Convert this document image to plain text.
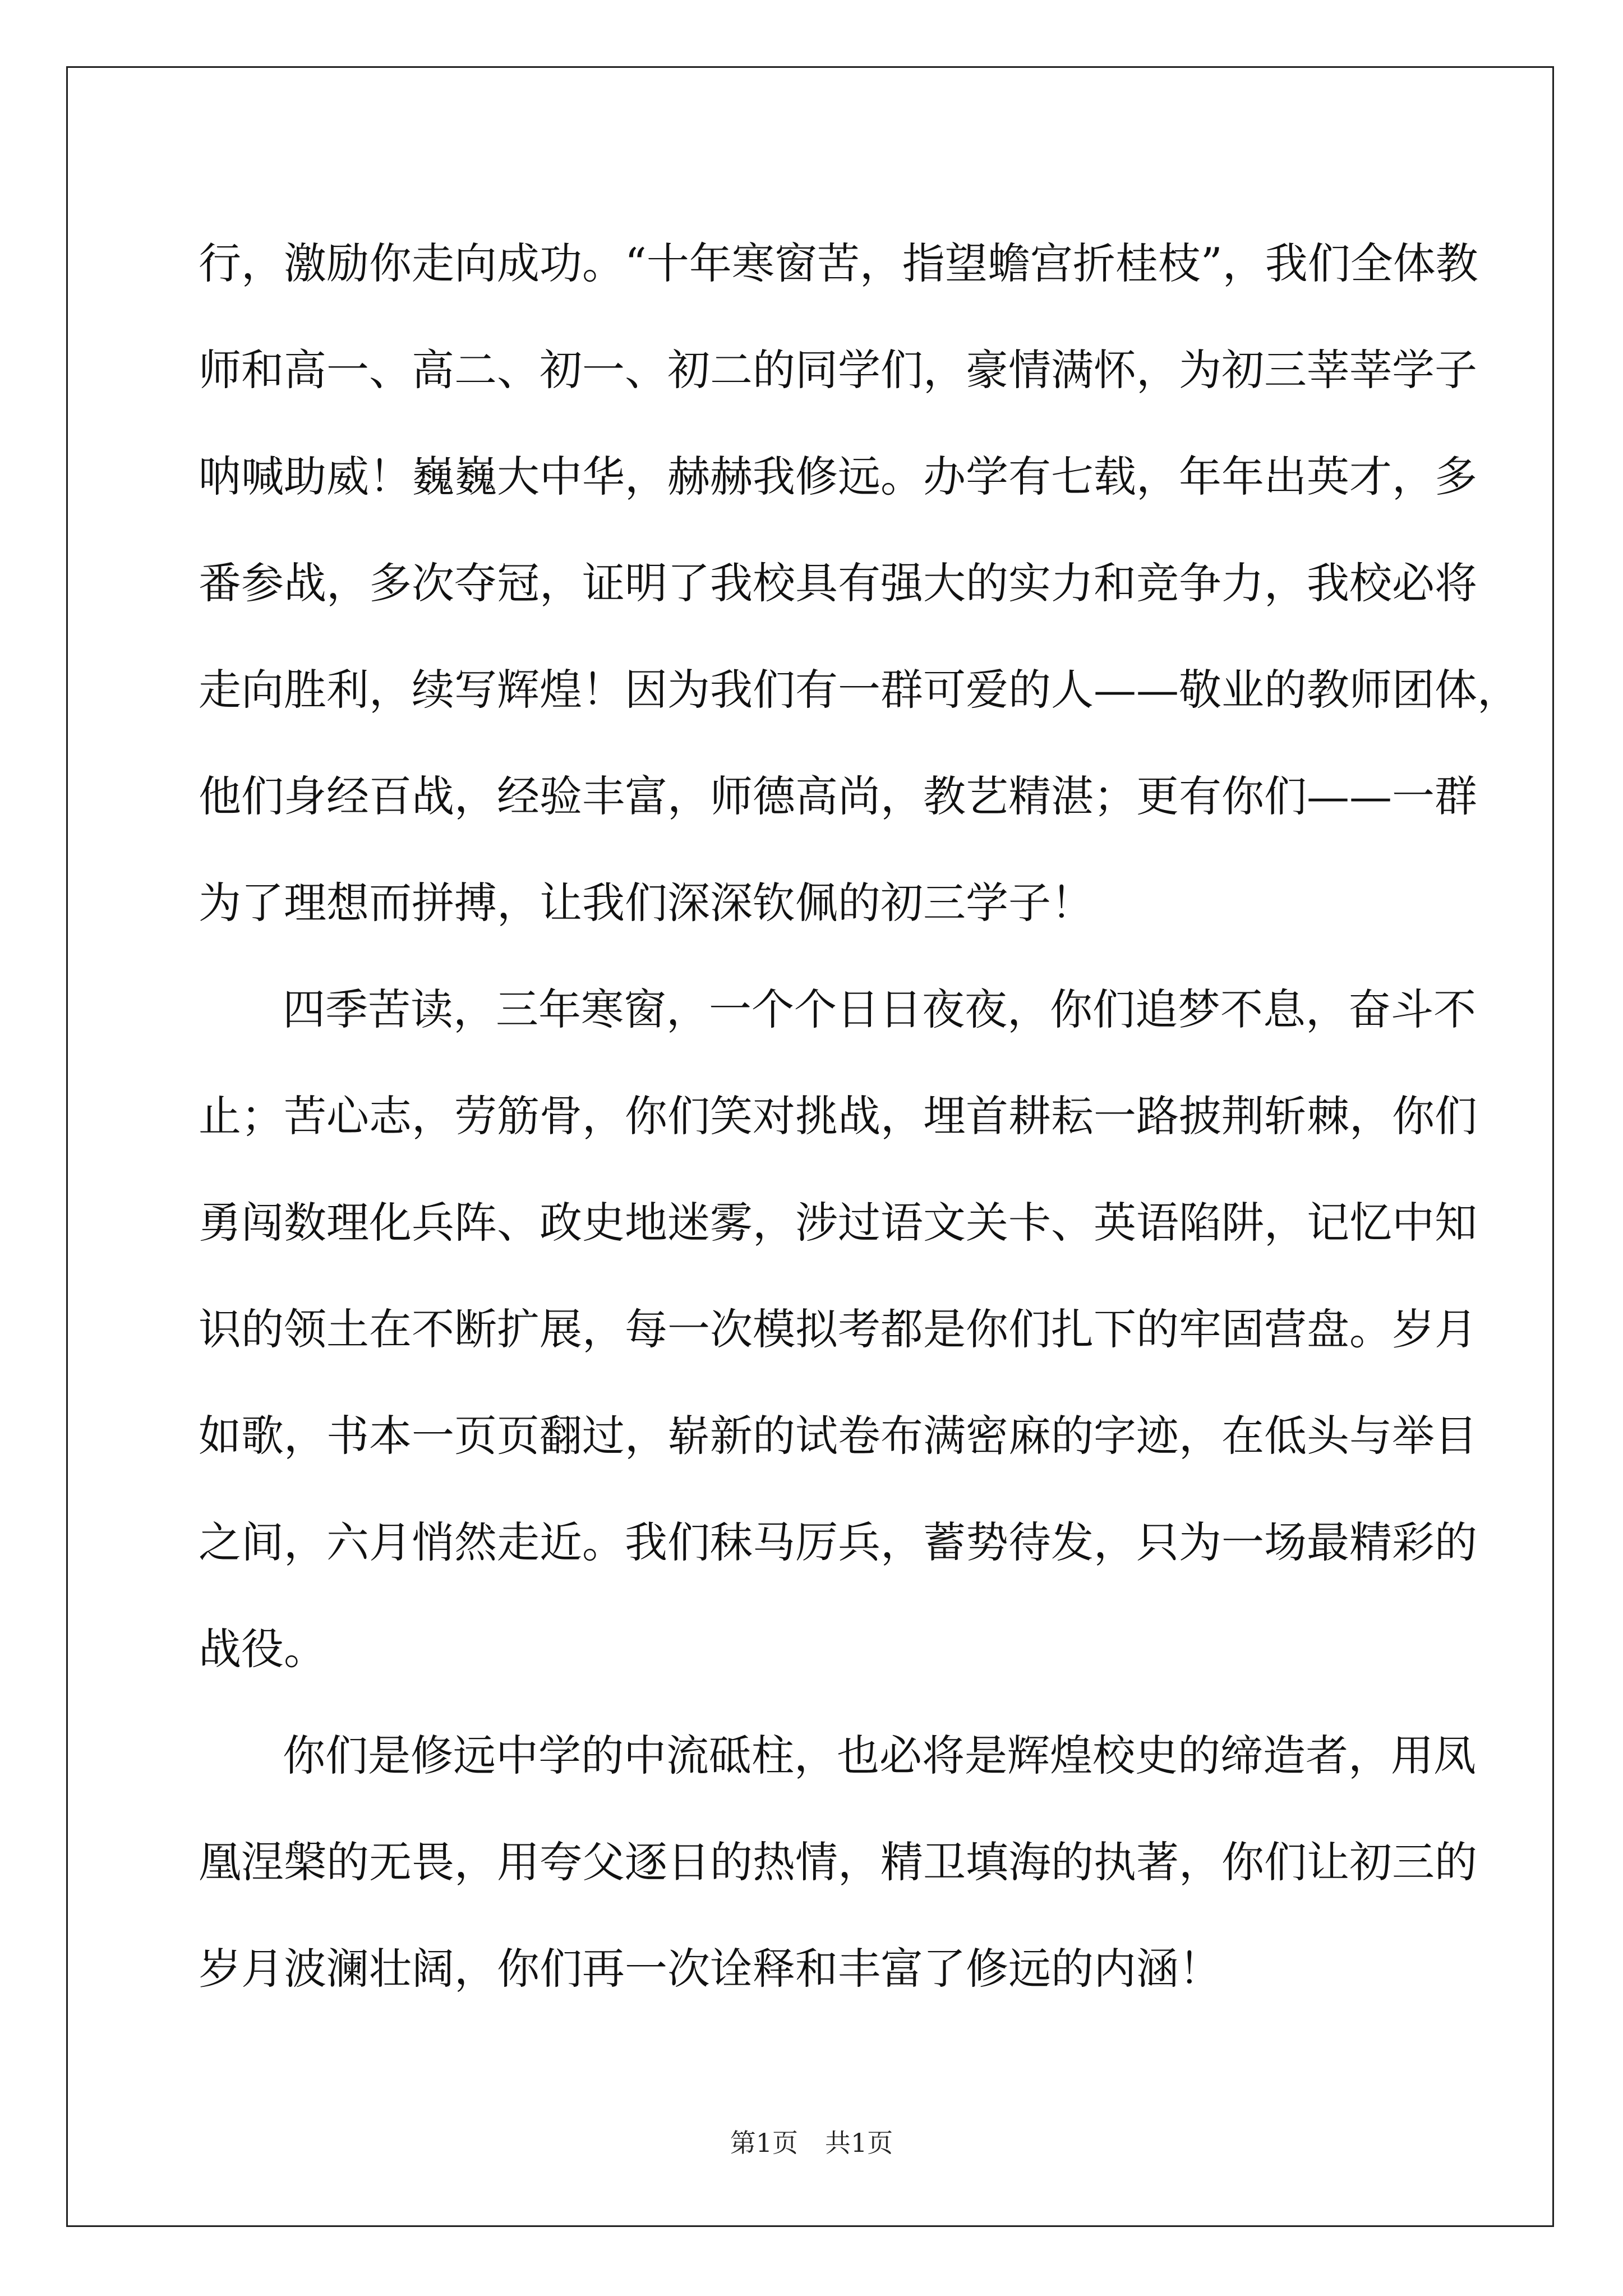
行，激励你走向成功。“十年寒窗苦，指望蟾宫折桂枝”，我们全体教
师和高一、高二、初一、初二的同学们，豪情满怀，为初三莘莘学子
呐喊助威！巍巍大中华，赫赫我修远。办学有七载，年年出英才，多
番参战，多次夺冠，证明了我校具有强大的实力和竞争力，我校必将
走向胜利，续写辉煌！因为我们有一群可爱的人——敬业的教师团体，
他们身经百战，经验丰富，师德高尚，教艺精湛；更有你们——一群
为了理想而拼搏，让我们深深钦佩的初三学子！
四季苦读，三年寒窗，一个个日日夜夜，你们追梦不息，奋斗不
止；苦心志，劳筋骨，你们笑对挑战，埋首耕耘一路披荆斩棘，你们
勇闯数理化兵阵、政史地迷雾，涉过语文关卡、英语陷阱，记忆中知
识的领土在不断扩展，每一次模拟考都是你们扎下的牢固营盘。岁月
如歌，书本一页页翻过，崭新的试卷布满密麻的字迹，在低头与举目
之间，六月悄然走近。我们秣马厉兵，蓄势待发，只为一场最精彩的
战役。
你们是修远中学的中流砥柱，也必将是辉煌校史的缔造者，用凤
凰涅槃的无畏，用夸父逐日的热情，精卫填海的执著，你们让初三的
岁月波澜壮阔，你们再一次诠释和丰富了修远的内涵！
第1页 共1页
